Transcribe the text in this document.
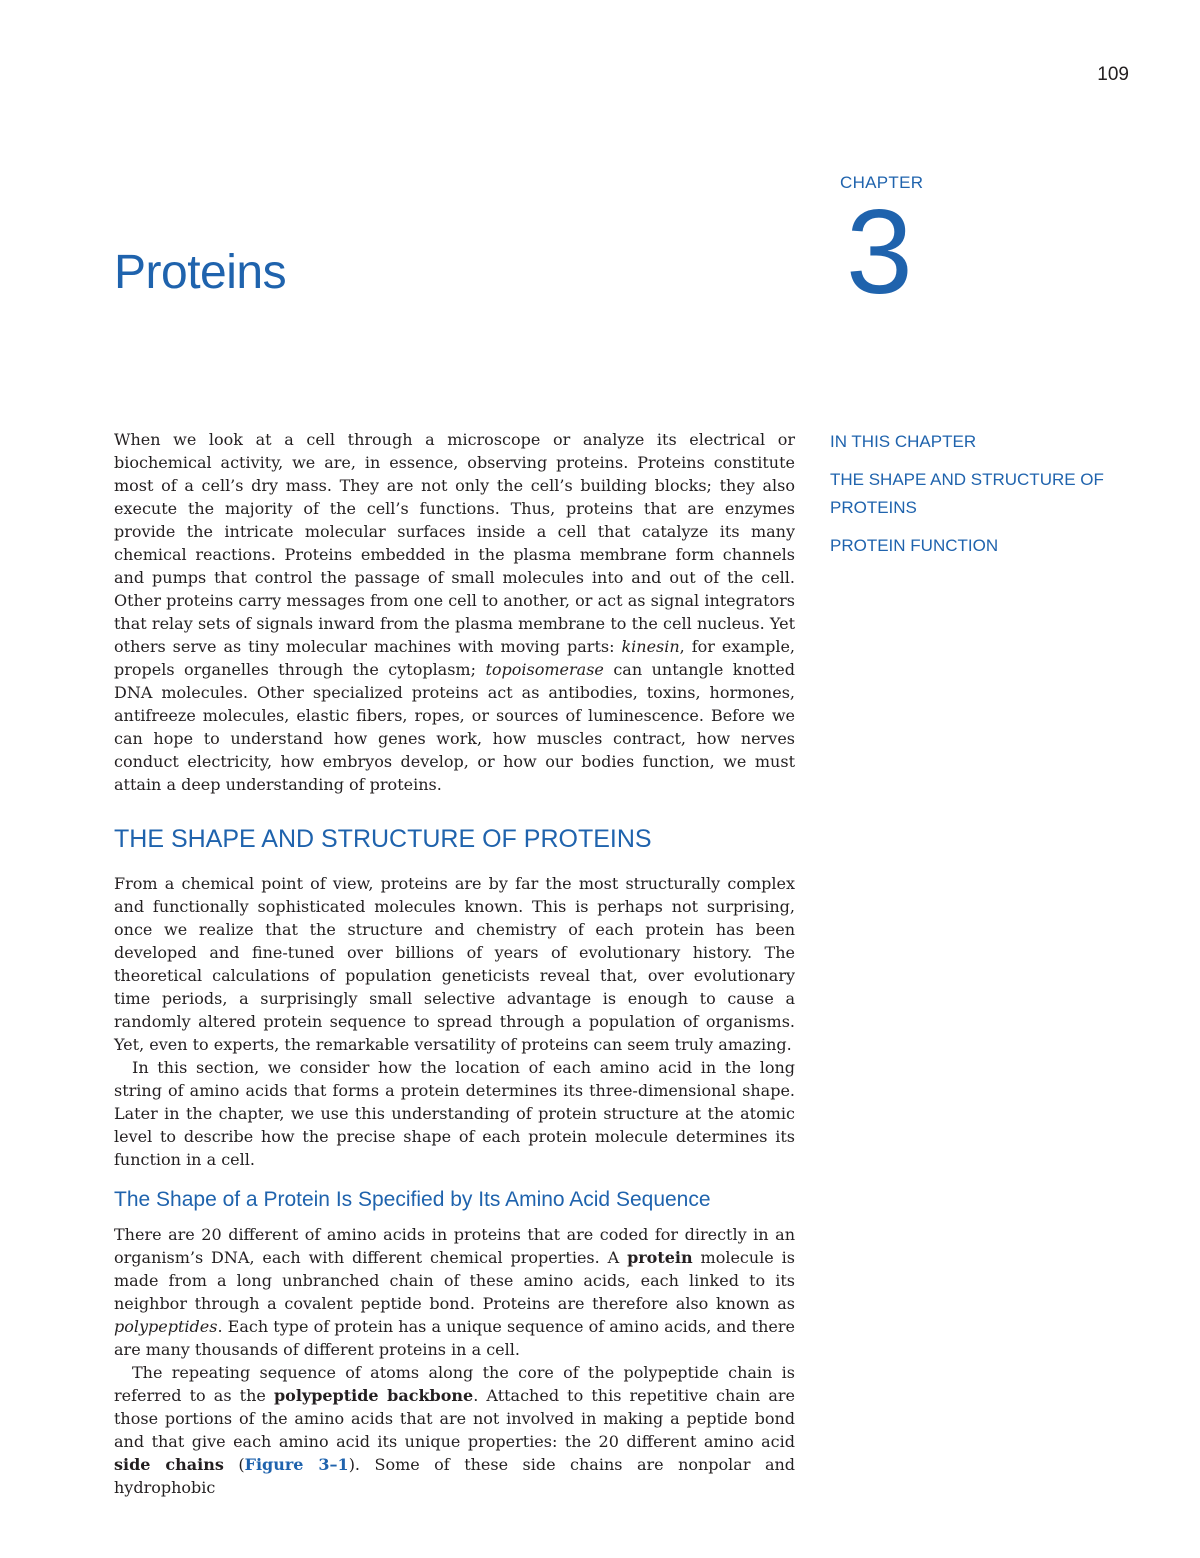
109
CHAPTER
3
Proteins
IN THIS CHAPTER
THE SHAPE AND STRUCTURE OF PROTEINS
PROTEIN FUNCTION

When we look at a cell through a microscope or analyze its electrical or biochemical activity, we are, in essence, observing proteins. Proteins constitute most of a cell’s dry mass. They are not only the cell’s building blocks; they also execute the majority of the cell’s functions. Thus, proteins that are enzymes provide the intricate molecular surfaces inside a cell that catalyze its many chemical reactions. Proteins embedded in the plasma membrane form channels and pumps that control the passage of small molecules into and out of the cell. Other proteins carry messages from one cell to another, or act as signal integrators that relay sets of signals inward from the plasma membrane to the cell nucleus. Yet others serve as tiny molecular machines with moving parts: kinesin, for example, propels organelles through the cytoplasm; topoisomerase can untangle knotted DNA molecules. Other specialized proteins act as antibodies, toxins, hormones, antifreeze molecules, elastic fibers, ropes, or sources of luminescence. Before we can hope to understand how genes work, how muscles contract, how nerves conduct electricity, how embryos develop, or how our bodies function, we must attain a deep understanding of proteins.

THE SHAPE AND STRUCTURE OF PROTEINS

From a chemical point of view, proteins are by far the most structurally complex and functionally sophisticated molecules known. This is perhaps not surprising, once we realize that the structure and chemistry of each protein has been developed and fine-tuned over billions of years of evolutionary history. The theoretical calculations of population geneticists reveal that, over evolutionary time periods, a surprisingly small selective advantage is enough to cause a randomly altered protein sequence to spread through a population of organisms. Yet, even to experts, the remarkable versatility of proteins can seem truly amazing.

In this section, we consider how the location of each amino acid in the long string of amino acids that forms a protein determines its three-dimensional shape. Later in the chapter, we use this understanding of protein structure at the atomic level to describe how the precise shape of each protein molecule determines its function in a cell.

The Shape of a Protein Is Specified by Its Amino Acid Sequence

There are 20 different of amino acids in proteins that are coded for directly in an organism’s DNA, each with different chemical properties. A protein molecule is made from a long unbranched chain of these amino acids, each linked to its neighbor through a covalent peptide bond. Proteins are therefore also known as polypeptides. Each type of protein has a unique sequence of amino acids, and there are many thousands of different proteins in a cell.

The repeating sequence of atoms along the core of the polypeptide chain is referred to as the polypeptide backbone. Attached to this repetitive chain are those portions of the amino acids that are not involved in making a peptide bond and that give each amino acid its unique properties: the 20 different amino acid side chains (Figure 3–1). Some of these side chains are nonpolar and hydrophobic
